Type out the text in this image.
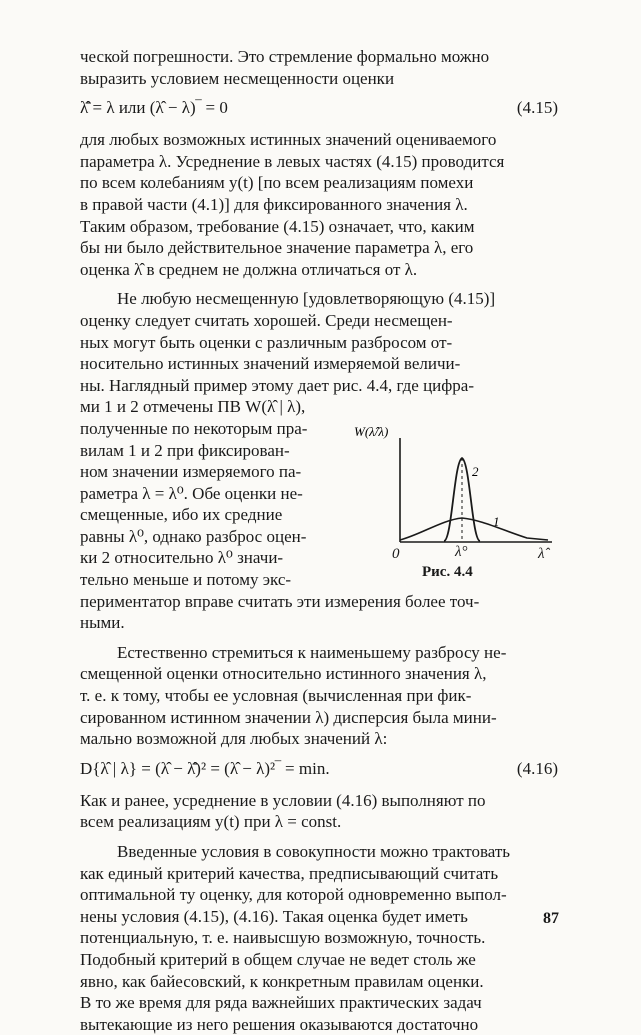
ческой погрешности. Это стремление формально можно
выразить условием несмещенности оценки
λ̂̄ = λ или (λ̂ − λ)‾ = 0	(4.15)
для любых возможных истинных значений оцениваемого
параметра λ. Усреднение в левых частях (4.15) проводится
по всем колебаниям y(t) [по всем реализациям помехи
в правой части (4.1)] для фиксированного значения λ.
Таким образом, требование (4.15) означает, что, каким
бы ни было действительное значение параметра λ, его
оценка λ̂ в среднем не должна отличаться от λ.
Не любую несмещенную [удовлетворяющую (4.15)]
оценку следует считать хорошей. Среди несмещен-
ных могут быть оценки с различным разбросом от-
носительно истинных значений измеряемой величи-
ны. Наглядный пример этому дает рис. 4.4, где цифра-
ми 1 и 2 отмечены ПВ W(λ̂ | λ),
полученные по некоторым пра-
вилам 1 и 2 при фиксирован-
ном значении измеряемого па-
раметра λ = λ⁰. Обе оценки не-
смещенные, ибо их средние
равны λ⁰, однако разброс оцен-
ки 2 относительно λ⁰ значи-
тельно меньше и потому экс-
W(λ̂/λ)
2
1
0	λ°	λ̂
Рис. 4.4
периментатор вправе считать эти измерения более точ-
ными.
Естественно стремиться к наименьшему разбросу не-
смещенной оценки относительно истинного значения λ,
т. е. к тому, чтобы ее условная (вычисленная при фик-
сированном истинном значении λ) дисперсия была мини-
мально возможной для любых значений λ:
D{λ̂ | λ} = (λ̂ − λ̂̄)² = (λ̂ − λ)²‾ = min.	(4.16)
Как и ранее, усреднение в условии (4.16) выполняют по
всем реализациям y(t) при λ = const.
Введенные условия в совокупности можно трактовать
как единый критерий качества, предписывающий считать
оптимальной ту оценку, для которой одновременно выпол-
нены условия (4.15), (4.16). Такая оценка будет иметь
потенциальную, т. е. наивысшую возможную, точность.
Подобный критерий в общем случае не ведет столь же
явно, как байесовский, к конкретным правилам оценки.
В то же время для ряда важнейших практических задач
вытекающие из него решения оказываются достаточно
87
